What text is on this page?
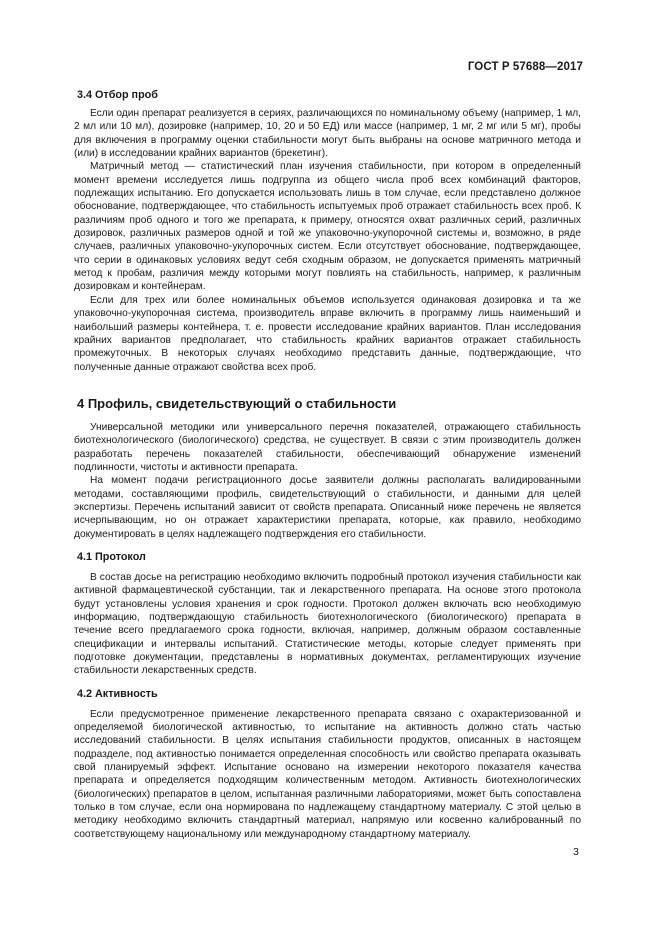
ГОСТ Р 57688—2017
3.4 Отбор проб

Если один препарат реализуется в сериях, различающихся по номинальному объему (например, 1 мл, 2 мл или 10 мл), дозировке (например, 10, 20 и 50 ЕД) или массе (например, 1 мг, 2 мг или 5 мг), пробы для включения в программу оценки стабильности могут быть выбраны на основе матричного метода и (или) в исследовании крайних вариантов (брекетинг).

Матричный метод — статистический план изучения стабильности, при котором в определенный момент времени исследуется лишь подгруппа из общего числа проб всех комбинаций факторов, подлежащих испытанию. Его допускается использовать лишь в том случае, если представлено должное обоснование, подтверждающее, что стабильность испытуемых проб отражает стабильность всех проб. К различиям проб одного и того же препарата, к примеру, относятся охват различных серий, различных дозировок, различных размеров одной и той же упаковочно-укупорочной системы и, возможно, в ряде случаев, различных упаковочно-укупорочных систем. Если отсутствует обоснование, подтверждающее, что серии в одинаковых условиях ведут себя сходным образом, не допускается применять матричный метод к пробам, различия между которыми могут повлиять на стабильность, например, к различным дозировкам и контейнерам.

Если для трех или более номинальных объемов используется одинаковая дозировка и та же упаковочно-укупорочная система, производитель вправе включить в программу лишь наименьший и наибольший размеры контейнера, т. е. провести исследование крайних вариантов. План исследования крайних вариантов предполагает, что стабильность крайних вариантов отражает стабильность промежуточных. В некоторых случаях необходимо представить данные, подтверждающие, что полученные данные отражают свойства всех проб.

4 Профиль, свидетельствующий о стабильности

Универсальной методики или универсального перечня показателей, отражающего стабильность биотехнологического (биологического) средства, не существует. В связи с этим производитель должен разработать перечень показателей стабильности, обеспечивающий обнаружение изменений подлинности, чистоты и активности препарата.

На момент подачи регистрационного досье заявители должны располагать валидированными методами, составляющими профиль, свидетельствующий о стабильности, и данными для целей экспертизы. Перечень испытаний зависит от свойств препарата. Описанный ниже перечень не является исчерпывающим, но он отражает характеристики препарата, которые, как правило, необходимо документировать в целях надлежащего подтверждения его стабильности.

4.1 Протокол

В состав досье на регистрацию необходимо включить подробный протокол изучения стабильности как активной фармацевтической субстанции, так и лекарственного препарата. На основе этого протокола будут установлены условия хранения и срок годности. Протокол должен включать всю необходимую информацию, подтверждающую стабильность биотехнологического (биологического) препарата в течение всего предлагаемого срока годности, включая, например, должным образом составленные спецификации и интервалы испытаний. Статистические методы, которые следует применять при подготовке документации, представлены в нормативных документах, регламентирующих изучение стабильности лекарственных средств.

4.2 Активность

Если предусмотренное применение лекарственного препарата связано с охарактеризованной и определяемой биологической активностью, то испытание на активность должно стать частью исследований стабильности. В целях испытания стабильности продуктов, описанных в настоящем подразделе, под активностью понимается определенная способность или свойство препарата оказывать свой планируемый эффект. Испытание основано на измерении некоторого показателя качества препарата и определяется подходящим количественным методом. Активность биотехнологических (биологических) препаратов в целом, испытанная различными лабораториями, может быть сопоставлена только в том случае, если она нормирована по надлежащему стандартному материалу. С этой целью в методику необходимо включить стандартный материал, напрямую или косвенно калиброванный по соответствующему национальному или международному стандартному материалу.

3
